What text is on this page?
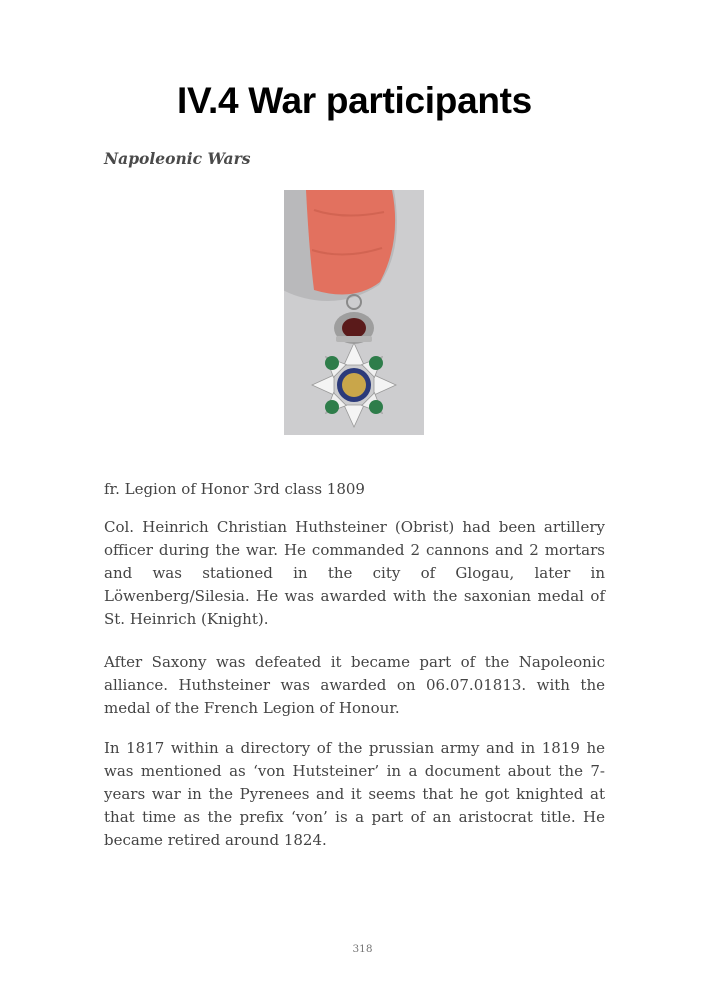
IV.4 War participants
Napoleonic Wars
fr. Legion of Honor 3rd class 1809

Col. Heinrich Christian Huthsteiner (Obrist) had been artillery officer during the war. He commanded 2 cannons and 2 mortars and was stationed in the city of Glogau, later in Löwenberg/Silesia. He was awarded with the saxonian medal of St. Heinrich (Knight).

After Saxony was defeated it became part of the Napoleonic alliance. Huthsteiner was awarded on 06.07.01813. with the medal of the French Legion of Honour.

In 1817 within a directory of the prussian army and in 1819 he was mentioned as ‘von Hutsteiner’ in a document about the 7-years war in the Pyrenees and it seems that he got knighted at that time as the prefix ‘von’ is a part of an aristocrat title. He became retired around 1824.

318
